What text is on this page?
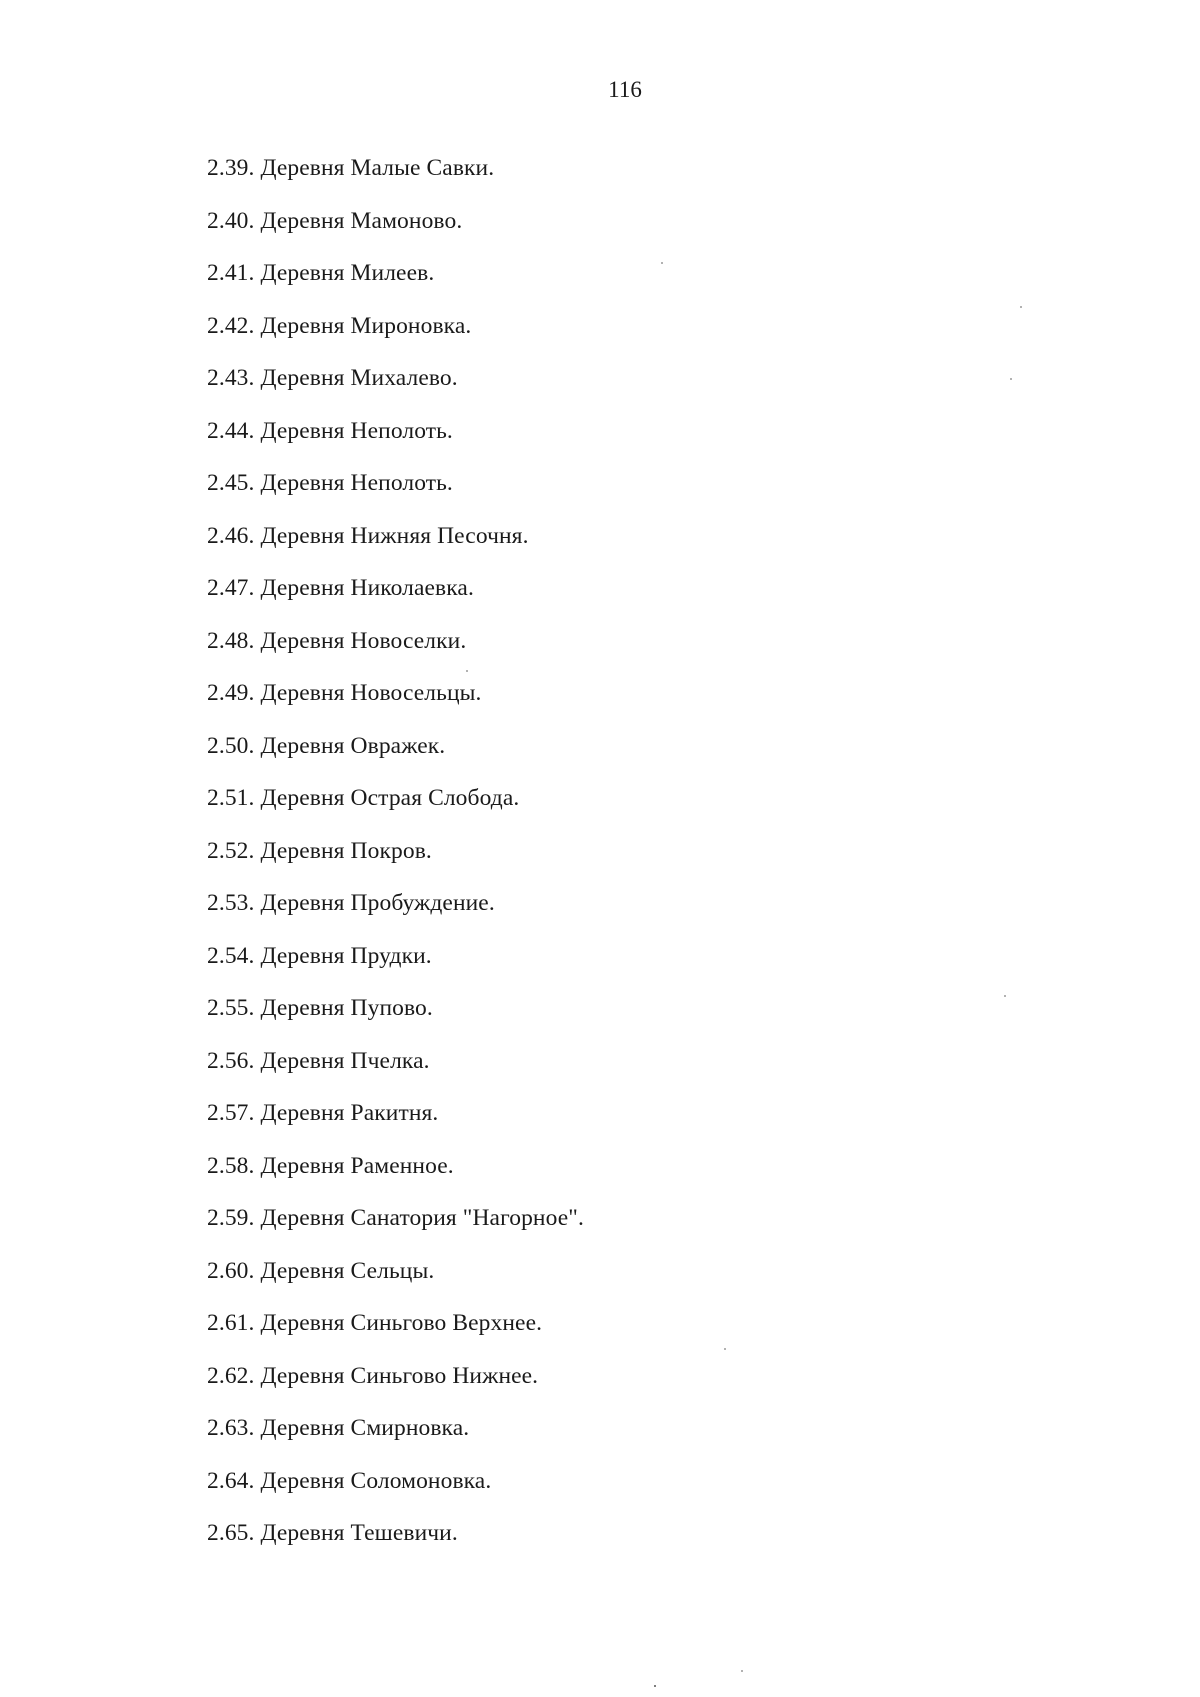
116
2.39. Деревня Малые Савки.
2.40. Деревня Мамоново.
2.41. Деревня Милеев.
2.42. Деревня Мироновка.
2.43. Деревня Михалево.
2.44. Деревня Неполоть.
2.45. Деревня Неполоть.
2.46. Деревня Нижняя Песочня.
2.47. Деревня Николаевка.
2.48. Деревня Новоселки.
2.49. Деревня Новосельцы.
2.50. Деревня Овражек.
2.51. Деревня Острая Слобода.
2.52. Деревня Покров.
2.53. Деревня Пробуждение.
2.54. Деревня Прудки.
2.55. Деревня Пупово.
2.56. Деревня Пчелка.
2.57. Деревня Ракитня.
2.58. Деревня Раменное.
2.59. Деревня Санатория "Нагорное".
2.60. Деревня Сельцы.
2.61. Деревня Синьгово Верхнее.
2.62. Деревня Синьгово Нижнее.
2.63. Деревня Смирновка.
2.64. Деревня Соломоновка.
2.65. Деревня Тешевичи.
